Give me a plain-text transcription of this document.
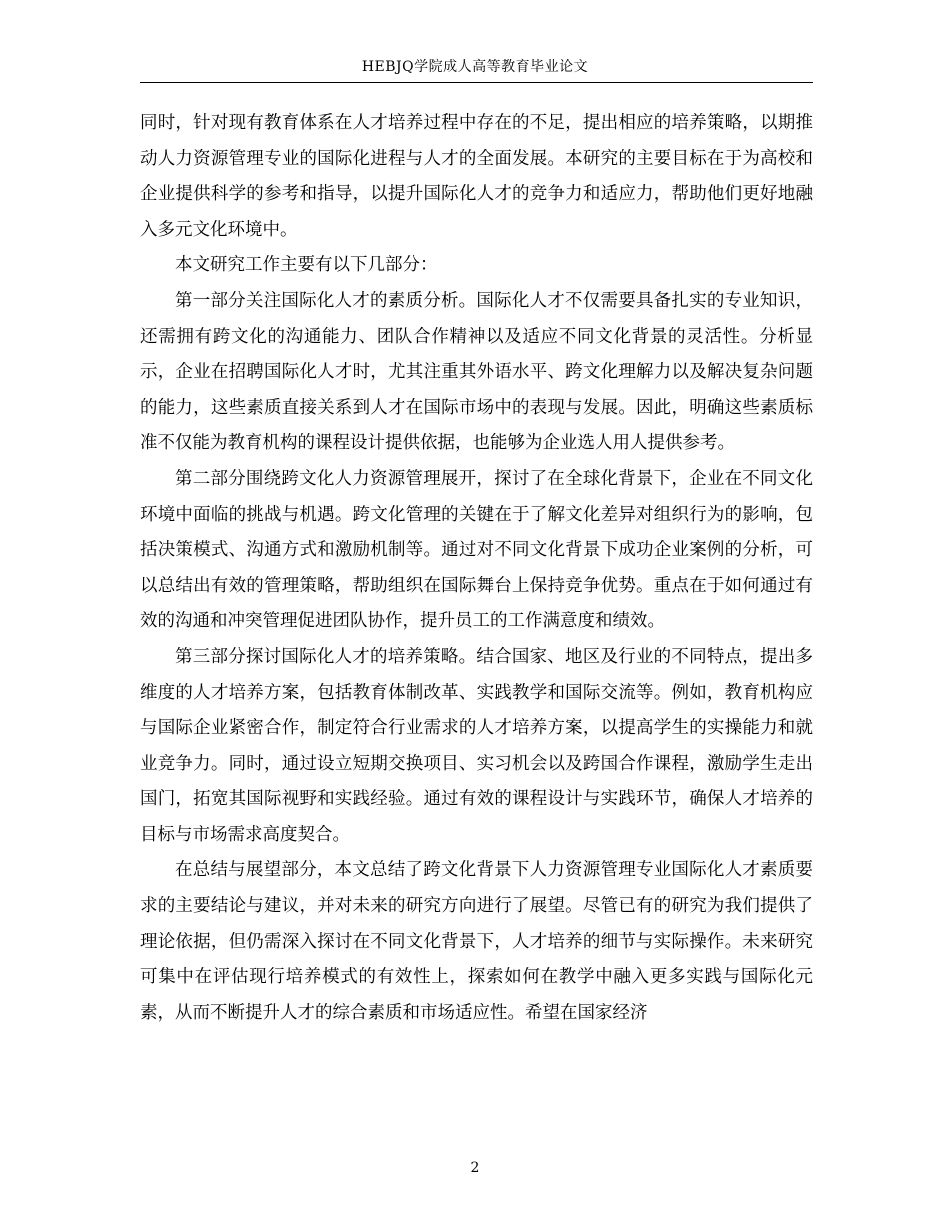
HEBJQ学院成人高等教育毕业论文

同时，针对现有教育体系在人才培养过程中存在的不足，提出相应的培养策略，以期推动人力资源管理专业的国际化进程与人才的全面发展。本研究的主要目标在于为高校和企业提供科学的参考和指导，以提升国际化人才的竞争力和适应力，帮助他们更好地融入多元文化环境中。

本文研究工作主要有以下几部分：

第一部分关注国际化人才的素质分析。国际化人才不仅需要具备扎实的专业知识，还需拥有跨文化的沟通能力、团队合作精神以及适应不同文化背景的灵活性。分析显示，企业在招聘国际化人才时，尤其注重其外语水平、跨文化理解力以及解决复杂问题的能力，这些素质直接关系到人才在国际市场中的表现与发展。因此，明确这些素质标准不仅能为教育机构的课程设计提供依据，也能够为企业选人用人提供参考。

第二部分围绕跨文化人力资源管理展开，探讨了在全球化背景下，企业在不同文化环境中面临的挑战与机遇。跨文化管理的关键在于了解文化差异对组织行为的影响，包括决策模式、沟通方式和激励机制等。通过对不同文化背景下成功企业案例的分析，可以总结出有效的管理策略，帮助组织在国际舞台上保持竞争优势。重点在于如何通过有效的沟通和冲突管理促进团队协作，提升员工的工作满意度和绩效。

第三部分探讨国际化人才的培养策略。结合国家、地区及行业的不同特点，提出多维度的人才培养方案，包括教育体制改革、实践教学和国际交流等。例如，教育机构应与国际企业紧密合作，制定符合行业需求的人才培养方案，以提高学生的实操能力和就业竞争力。同时，通过设立短期交换项目、实习机会以及跨国合作课程，激励学生走出国门，拓宽其国际视野和实践经验。通过有效的课程设计与实践环节，确保人才培养的目标与市场需求高度契合。

在总结与展望部分，本文总结了跨文化背景下人力资源管理专业国际化人才素质要求的主要结论与建议，并对未来的研究方向进行了展望。尽管已有的研究为我们提供了理论依据，但仍需深入探讨在不同文化背景下，人才培养的细节与实际操作。未来研究可集中在评估现行培养模式的有效性上，探索如何在教学中融入更多实践与国际化元素，从而不断提升人才的综合素质和市场适应性。希望在国家经济

2
